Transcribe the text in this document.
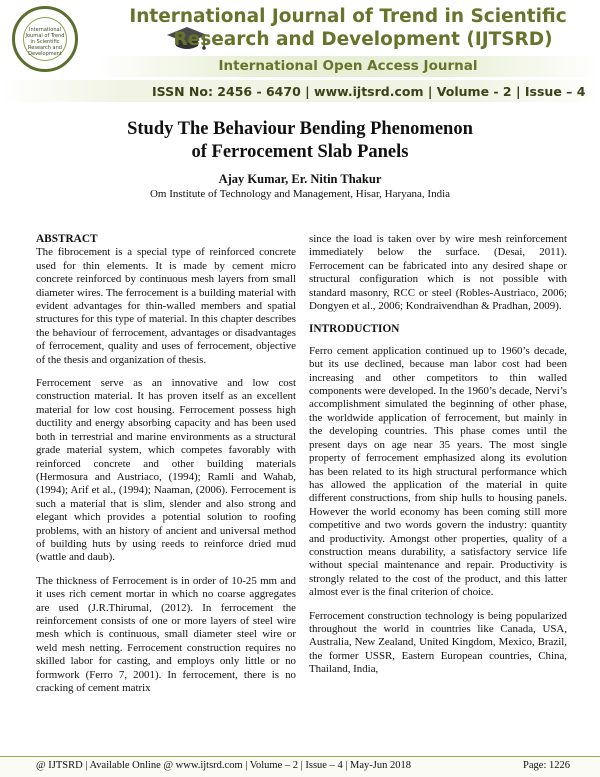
International Journal of Trend in Scientific Research and Development
International Journal of Trend in Scientific
Research and Development (IJTSRD)
International Open Access Journal
ISSN No: 2456 - 6470 | www.ijtsrd.com | Volume - 2 | Issue – 4
Study The Behaviour Bending Phenomenon
of Ferrocement Slab Panels
Ajay Kumar, Er. Nitin Thakur
Om Institute of Technology and Management, Hisar, Haryana, India

ABSTRACT

The fibrocement is a special type of reinforced concrete used for thin elements. It is made by cement micro concrete reinforced by continuous mesh layers from small diameter wires. The ferrocement is a building material with evident advantages for thin-walled members and spatial structures for this type of material. In this chapter describes the behaviour of ferrocement, advantages or disadvantages of ferrocement, quality and uses of ferrocement, objective of the thesis and organization of thesis.

Ferrocement serve as an innovative and low cost construction material. It has proven itself as an excellent material for low cost housing. Ferrocement possess high ductility and energy absorbing capacity and has been used both in terrestrial and marine environments as a structural grade material system, which competes favorably with reinforced concrete and other building materials (Hermosura and Austriaco, (1994); Ramli and Wahab, (1994); Arif et al., (1994); Naaman, (2006). Ferrocement is such a material that is slim, slender and also strong and elegant which provides a potential solution to roofing problems, with an history of ancient and universal method of building huts by using reeds to reinforce dried mud (wattle and daub).

The thickness of Ferrocement is in order of 10-25 mm and it uses rich cement mortar in which no coarse aggregates are used (J.R.Thirumal, (2012). In ferrocement the reinforcement consists of one or more layers of steel wire mesh which is continuous, small diameter steel wire or weld mesh netting. Ferrocement construction requires no skilled labor for casting, and employs only little or no formwork (Ferro 7, 2001). In ferrocement, there is no cracking of cement matrix

since the load is taken over by wire mesh reinforcement immediately below the surface. (Desai, 2011). Ferrocement can be fabricated into any desired shape or structural configuration which is not possible with standard masonry, RCC or steel (Robles-Austriaco, 2006; Dongyen et al., 2006; Kondraivendhan & Pradhan, 2009).

INTRODUCTION

Ferro cement application continued up to 1960’s decade, but its use declined, because man labor cost had been increasing and other competitors to thin walled components were developed. In the 1960’s decade, Nervi’s accomplishment simulated the beginning of other phase, the worldwide application of ferrocement, but mainly in the developing countries. This phase comes until the present days on age near 35 years. The most single property of ferrocement emphasized along its evolution has been related to its high structural performance which has allowed the application of the material in quite different constructions, from ship hulls to housing panels. However the world economy has been coming still more competitive and two words govern the industry: quantity and productivity. Amongst other properties, quality of a construction means durability, a satisfactory service life without special maintenance and repair. Productivity is strongly related to the cost of the product, and this latter almost ever is the final criterion of choice.

Ferrocement construction technology is being popularized throughout the world in countries like Canada, USA, Australia, New Zealand, United Kingdom, Mexico, Brazil, the former USSR, Eastern European countries, China, Thailand, India,

@ IJTSRD | Available Online @ www.ijtsrd.com | Volume – 2 | Issue – 4 | May-Jun 2018	Page: 1226
